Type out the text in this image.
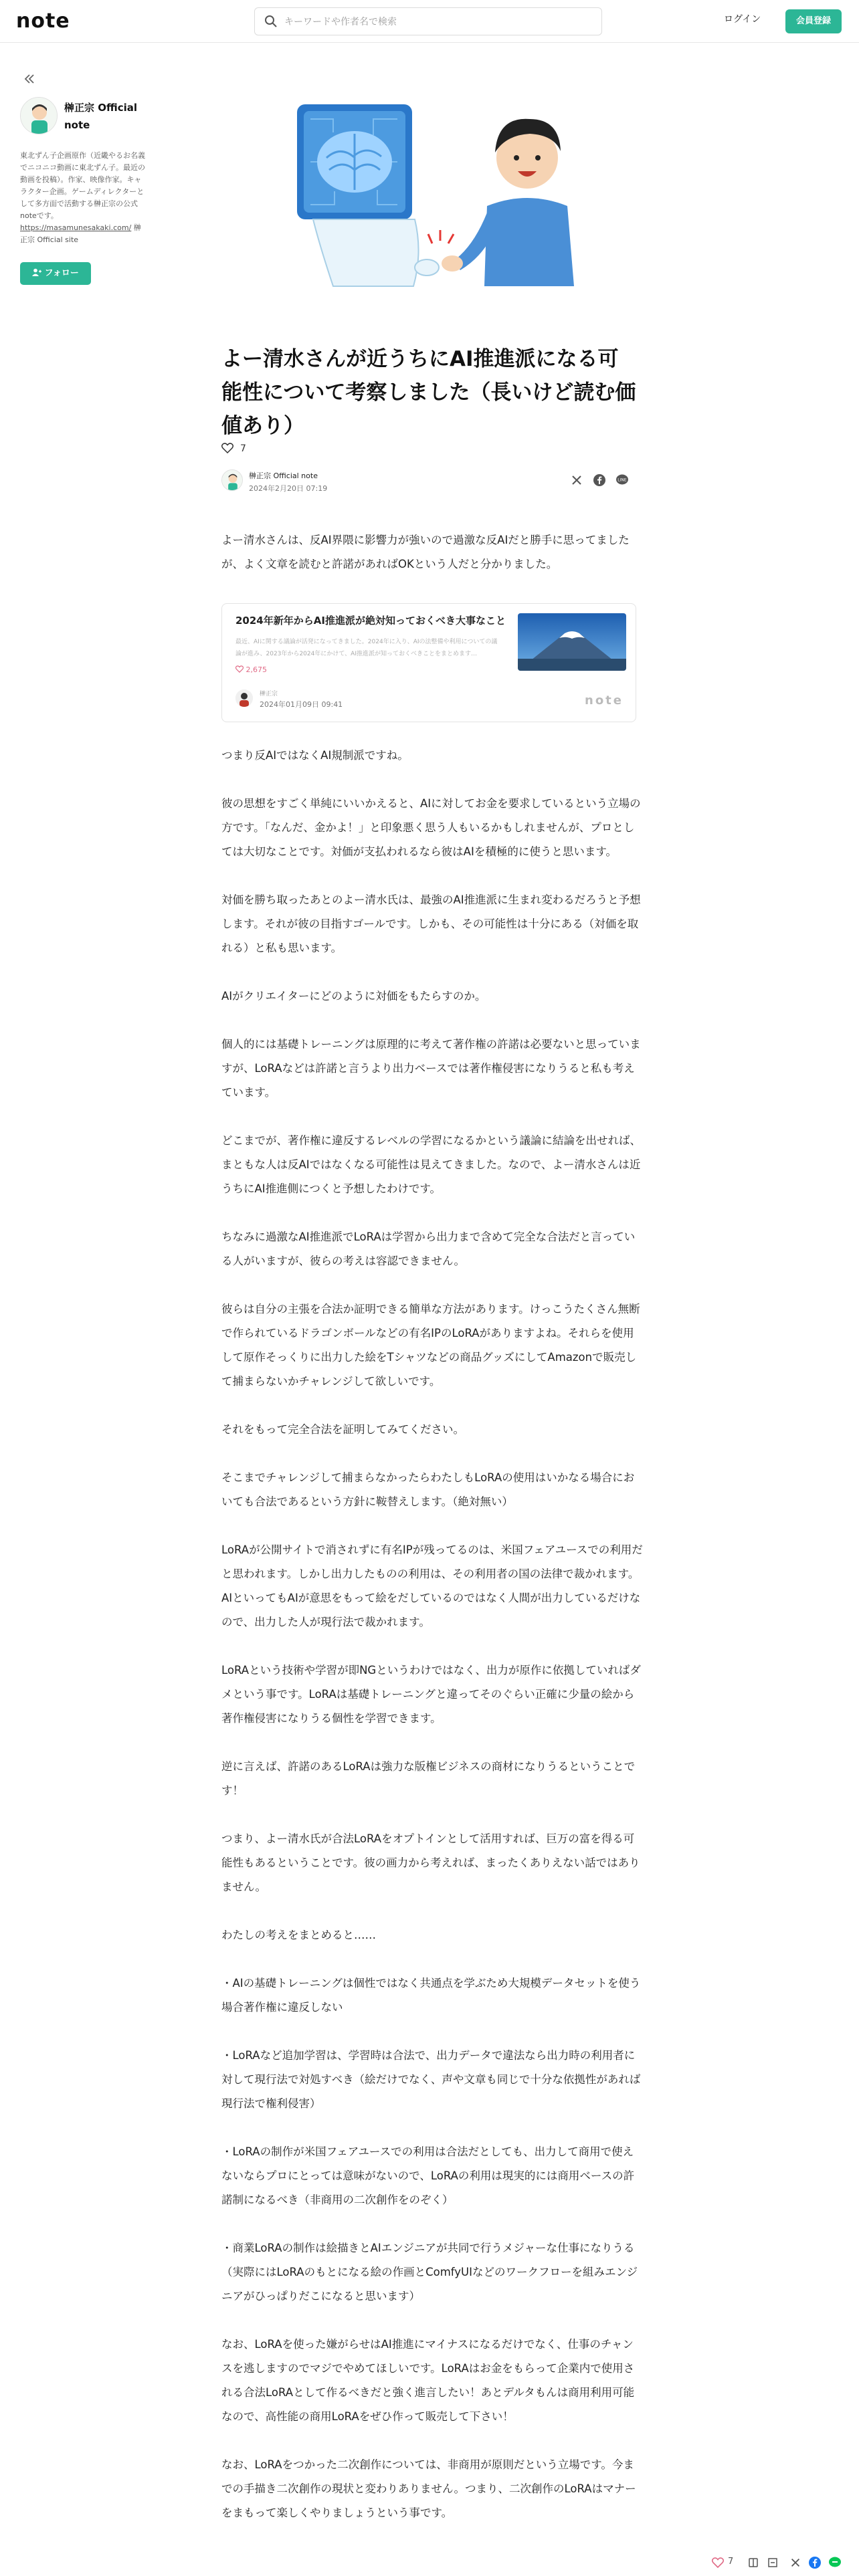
note
キーワードや作者名で検索	ログイン	会員登録
榊正宗 Official note
東北ずん子企画原作（近畿やるお名義でニコニコ動画に東北ずん子。最近の動画を投稿）。作家、映像作家。キャラクター企画。ゲームディレクターとして多方面で活動する榊正宗の公式noteです。 https://masamunesakaki.com/ 榊正宗 Official site
フォロー
よー清水さんが近うちにAI推進派になる可能性について考察しました（長いけど読む価値あり）
7
榊正宗 Official note
2024年2月20日 07:19
LINE

よー清水さんは、反AI界隈に影響力が強いので過激な反AIだと勝手に思ってましたが、よく文章を読むと許諾があればOKという人だと分かりました。

つまり反AIではなくAI規制派ですね。

彼の思想をすごく単純にいいかえると、AIに対してお金を要求しているという立場の方です。「なんだ、金かよ！」と印象悪く思う人もいるかもしれませんが、プロとしては大切なことです。対価が支払われるなら彼はAIを積極的に使うと思います。

対価を勝ち取ったあとのよー清水氏は、最強のAI推進派に生まれ変わるだろうと予想します。それが彼の目指すゴールです。しかも、その可能性は十分にある（対価を取れる）と私も思います。

AIがクリエイターにどのように対価をもたらすのか。

個人的には基礎トレーニングは原理的に考えて著作権の許諾は必要ないと思っていますが、LoRAなどは許諾と言うより出力ベースでは著作権侵害になりうると私も考えています。

どこまでが、著作権に違反するレベルの学習になるかという議論に結論を出せれば、まともな人は反AIではなくなる可能性は見えてきました。なので、よー清水さんは近うちにAI推進側につくと予想したわけです。

ちなみに過激なAI推進派でLoRAは学習から出力まで含めて完全な合法だと言っている人がいますが、彼らの考えは容認できません。

彼らは自分の主張を合法か証明できる簡単な方法があります。けっこうたくさん無断で作られているドラゴンボールなどの有名IPのLoRAがありますよね。それらを使用して原作そっくりに出力した絵をTシャツなどの商品グッズにしてAmazonで販売して捕まらないかチャレンジして欲しいです。

それをもって完全合法を証明してみてください。

そこまでチャレンジして捕まらなかったらわたしもLoRAの使用はいかなる場合においても合法であるという方針に鞍替えします。（絶対無い）

LoRAが公開サイトで消されずに有名IPが残ってるのは、米国フェアユースでの利用だと思われます。しかし出力したものの利用は、その利用者の国の法律で裁かれます。AIといってもAIが意思をもって絵をだしているのではなく人間が出力しているだけなので、出力した人が現行法で裁かれます。

LoRAという技術や学習が即NGというわけではなく、出力が原作に依拠していればダメという事です。LoRAは基礎トレーニングと違ってそのぐらい正確に少量の絵から著作権侵害になりうる個性を学習できます。

逆に言えば、許諾のあるLoRAは強力な版権ビジネスの商材になりうるということです！

つまり、よー清水氏が合法LoRAをオプトインとして活用すれば、巨万の富を得る可能性もあるということです。彼の画力から考えれば、まったくありえない話ではありません。

わたしの考えをまとめると……

・AIの基礎トレーニングは個性ではなく共通点を学ぶため大規模データセットを使う場合著作権に違反しない

・LoRAなど追加学習は、学習時は合法で、出力データで違法なら出力時の利用者に対して現行法で対処すべき（絵だけでなく、声や文章も同じで十分な依拠性があれば現行法で権利侵害）

・LoRAの制作が米国フェアユースでの利用は合法だとしても、出力して商用で使えないならプロにとっては意味がないので、LoRAの利用は現実的には商用ベースの許諾制になるべき（非商用の二次創作をのぞく）

・商業LoRAの制作は絵描きとAIエンジニアが共同で行うメジャーな仕事になりうる（実際にはLoRAのもとになる絵の作画とComfyUIなどのワークフローを組みエンジニアがひっぱりだこになると思います）

なお、LoRAを使った嫌がらせはAI推進にマイナスになるだけでなく、仕事のチャンスを逃しますのでマジでやめてほしいです。LoRAはお金をもらって企業内で使用される合法LoRAとして作るべきだと強く進言したい！あとデルタもんは商用利用可能なので、高性能の商用LoRAをぜひ作って販売して下さい！

なお、LoRAをつかった二次創作については、非商用が原則だという立場です。今までの手描き二次創作の現状と変わりありません。つまり、二次創作のLoRAはマナーをまもって楽しくやりましょうという事です。

2024年新年からAI推進派が絶対知っておくべき大事なこと
最近、AIに関する議論が活発になってきました。2024年に入り、AIの法整備や利用についての議論が進み、2023年から2024年にかけて、AI推進派が知っておくべきことをまとめます…
2,675
榊正宗
2024年01月09日 09:41	note
7
